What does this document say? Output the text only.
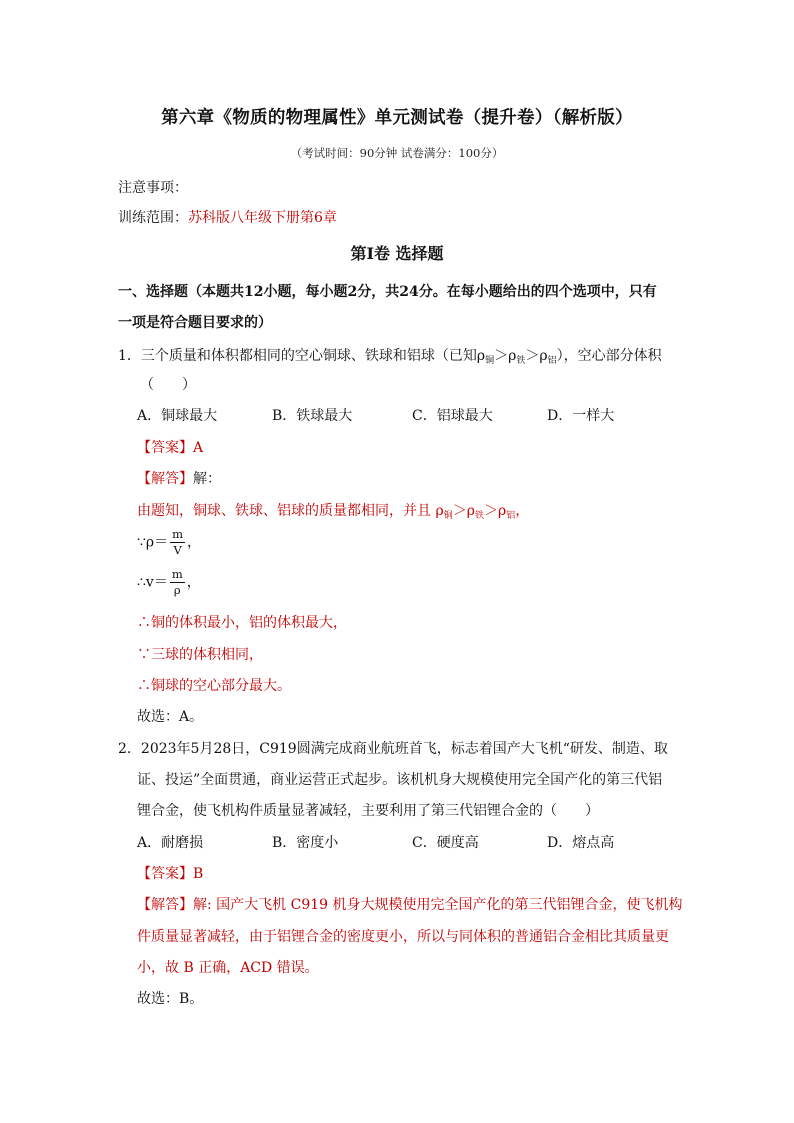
第六章《物质的物理属性》单元测试卷（提升卷）（解析版）
（考试时间：90分钟 试卷满分：100分）
注意事项：
训练范围：苏科版八年级下册第6章
第Ⅰ卷 选择题
一、选择题（本题共12小题，每小题2分，共24分。在每小题给出的四个选项中，只有
一项是符合题目要求的）
1．三个质量和体积都相同的空心铜球、铁球和铝球（已知$\rho_铜>\rho_铁>\rho_铝$），空心部分体积
（　　）
A．铜球最大	B．铁球最大	C．铝球最大	D．一样大
【答案】A
【解答】解：
由题知，铜球、铁球、铝球的质量都相同，并且 $\rho_铜>\rho_铁>\rho_铝$，
∵ρ＝ $\frac{m}{V}$ ，
∴v＝ $\frac{m}{\rho}$ ，
∴铜的体积最小，铝的体积最大，
∵三球的体积相同，
∴铜球的空心部分最大。
故选：A。
2．2023年5月28日，C919圆满完成商业航班首飞，标志着国产大飞机“研发、制造、取
证、投运”全面贯通，商业运营正式起步。该机机身大规模使用完全国产化的第三代铝
锂合金，使飞机构件质量显著减轻，主要利用了第三代铝锂合金的（　　）
A．耐磨损	B．密度小	C．硬度高	D．熔点高
【答案】B
【解答】解: 国产大飞机 C919 机身大规模使用完全国产化的第三代铝锂合金，使飞机构
件质量显著减轻，由于铝锂合金的密度更小，所以与同体积的普通铝合金相比其质量更
小，故 B 正确，ACD 错误。
故选：B。
